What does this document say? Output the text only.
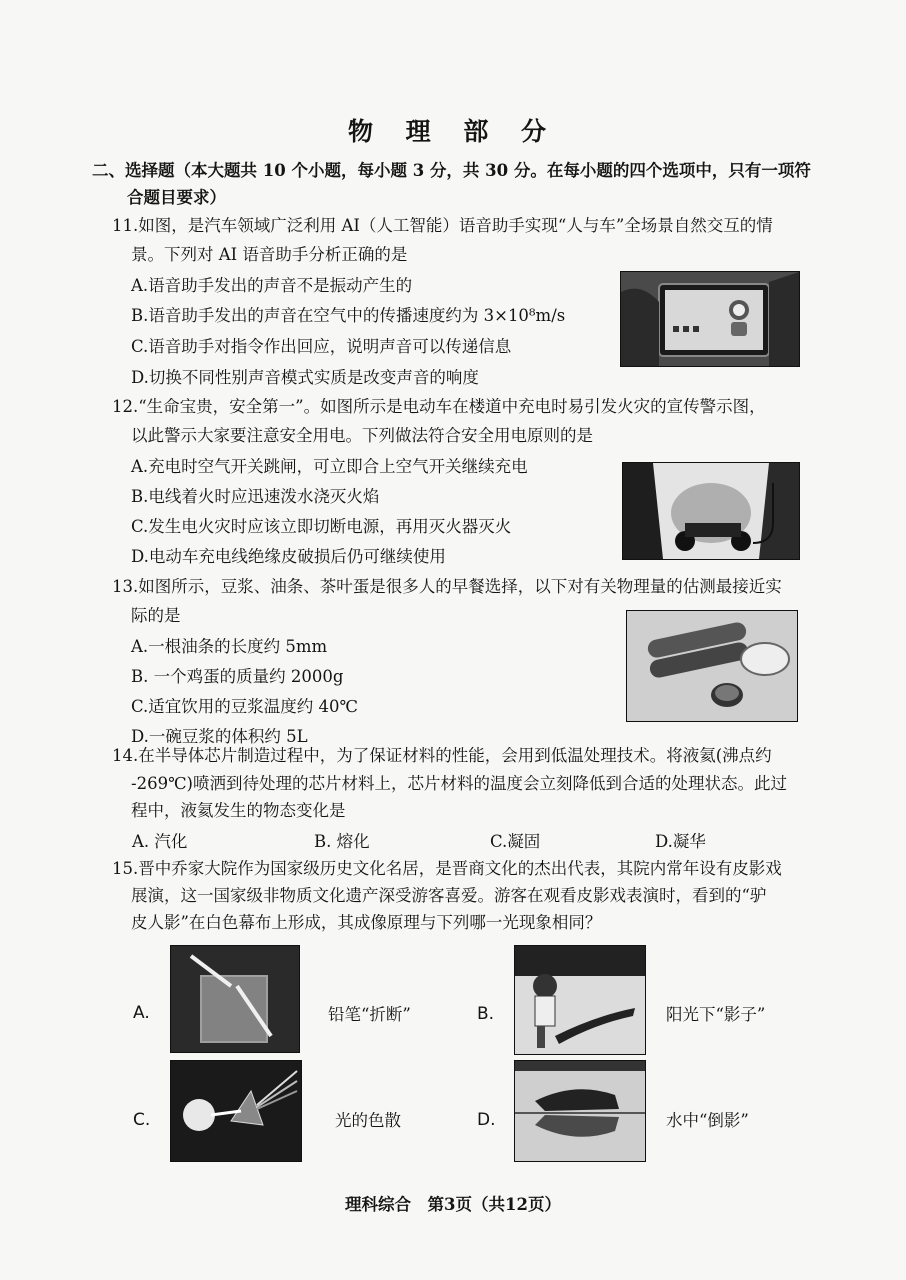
物 理 部 分
二、选择题（本大题共 10 个小题，每小题 3 分，共 30 分。在每小题的四个选项中，只有一项符
合题目要求）
11.如图，是汽车领域广泛利用 AI（人工智能）语音助手实现“人与车”全场景自然交互的情
景。下列对 AI 语音助手分析正确的是
A.语音助手发出的声音不是振动产生的
B.语音助手发出的声音在空气中的传播速度约为 3×10⁸m/s
C.语音助手对指令作出回应，说明声音可以传递信息
D.切换不同性别声音模式实质是改变声音的响度
12.“生命宝贵，安全第一”。如图所示是电动车在楼道中充电时易引发火灾的宣传警示图，
以此警示大家要注意安全用电。下列做法符合安全用电原则的是
A.充电时空气开关跳闸，可立即合上空气开关继续充电
B.电线着火时应迅速泼水浇灭火焰
C.发生电火灾时应该立即切断电源，再用灭火器灭火
D.电动车充电线绝缘皮破损后仍可继续使用
13.如图所示，豆浆、油条、茶叶蛋是很多人的早餐选择，以下对有关物理量的估测最接近实
际的是
A.一根油条的长度约 5mm
B. 一个鸡蛋的质量约 2000g
C.适宜饮用的豆浆温度约 40℃
D.一碗豆浆的体积约 5L
14.在半导体芯片制造过程中，为了保证材料的性能，会用到低温处理技术。将液氦(沸点约
-269℃)喷洒到待处理的芯片材料上，芯片材料的温度会立刻降低到合适的处理状态。此过
程中，液氦发生的物态变化是
A. 汽化	B. 熔化	C.凝固	D.凝华
15.晋中乔家大院作为国家级历史文化名居，是晋商文化的杰出代表，其院内常年设有皮影戏
展演，这一国家级非物质文化遗产深受游客喜爱。游客在观看皮影戏表演时，看到的“驴
皮人影”在白色幕布上形成，其成像原理与下列哪一光现象相同？
A.	铅笔“折断”	B.	阳光下“影子”
C.	光的色散	D.	水中“倒影”
理科综合　第3页（共12页）
